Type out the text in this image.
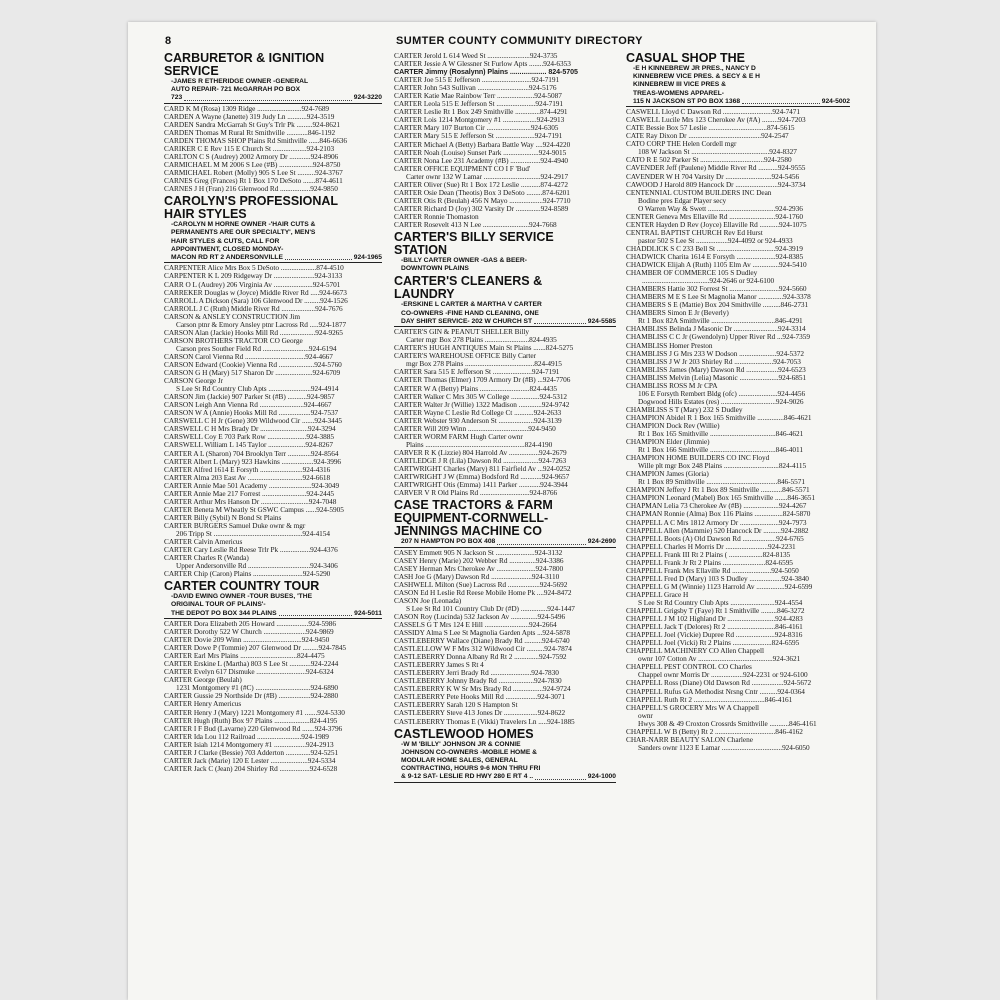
8	SUMTER COUNTY COMMUNITY DIRECTORY
CARBURETOR & IGNITION
SERVICE
-JAMES R ETHERIDGE OWNER -GENERAL
AUTO REPAIR- 721 McGARRAH PO BOX
723	924-3220
CARD K M (Rosa) 1309 Ridge .........................924-7689
CARDEN A Wayne (Janette) 319 Judy Ln ...........924-3519
CARDEN Sandra McGarrah St Guy's Trlr Pk .........924-8621
CARDEN Thomas M Rural Rt Smithville ............846-1192
CARDEN THOMAS SHOP Plains Rd Smithville ......846-6636
CARIKER C E Rev 115 E Church St ...................924-2103
CARLTON C S (Audrey) 2002 Armory Dr ............924-8906
CARMICHAEL M M 2006 S Lee (#B) ...................924-8750
CARMICHAEL Robert (Molly) 905 S Lee St ..........924-3767
CARNES Greg (Frances) Rt 1 Box 170 DeSoto .......874-4611
CARNES J H (Fran) 216 Glenwood Rd .................924-9850
CAROLYN'S PROFESSIONAL
HAIR STYLES
-CAROLYN M HORNE OWNER -'HAIR CUTS &
PERMANENTS ARE OUR SPECIALTY', MEN'S
HAIR STYLES & CUTS, CALL FOR
APPOINTMENT, CLOSED MONDAY-
MACON RD RT 2 ANDERSONVILLE	924-1965
CARPENTER Alice Mrs Box 5 DeSoto ....................874-4510
CARPENTER K L 209 Ridgeway Dr .......................924-3133
CARR O L (Audrey) 206 Virginia Av ......................924-5701
CARREKER Douglas w (Joyce) Middle River Rd .....924-6673
CARROLL A Dickson (Sara) 106 Glenwood Dr .........924-1526
CARROLL J C (Ruth) Middle River Rd ...................924-7676
CARSON & ANSLEY CONSTRUCTION Jim
Carson ptnr & Emory Ansley ptnr Lacross Rd .....924-1877
CARSON Alan (Jackie) Hooks Mill Rd ....................924-9265
CARSON BROTHERS TRACTOR CO George
Carson pres Souther Field Rd ..........................924-6194
CARSON Carol Vienna Rd ..................................924-4667
CARSON Edward (Cookie) Vienna Rd ....................924-5760
CARSON G H (Mary) 517 Sharon Dr .....................924-6709
CARSON George Jr
S Lee St Rd Country Club Apts ........................924-4914
CARSON Jim (Jackie) 907 Parker St (#B) ...........924-9857
CARSON Leigh Ann Vienna Rd .........................924-4667
CARSON W A (Annie) Hooks Mill Rd ..................924-7537
CARSWELL C H Jr (Gene) 309 Wildwood Cir .......924-3445
CARSWELL C H Mrs Brady Dr ...........................924-3294
CARSWELL Coy E 703 Park Row ......................924-3885
CARSWELL William L 145 Taylor .....................924-8267
CARTER A L (Sharon) 704 Brooklyn Terr .............924-8564
CARTER Albert L (Mary) 923 Hawkins ..................924-3996
CARTER Alfred 1614 E Forsyth ........................924-4316
CARTER Alma 203 East Av ...............................924-6618
CARTER Annie Mae 501 Academy ........................924-3049
CARTER Annie Mae 217 Forrest .........................924-2445
CARTER Arthur Mrs Hanson Dr ...........................924-7048
CARTER Beneta M Wheatly St GSWC Campus ......924-5905
CARTER Billy (Sybil) N Bond St Plains
CARTER BURGERS Samuel Duke ownr & mgr
206 Tripp St ..................................................924-4154
CARTER Calvin Americus
CARTER Cary Leslie Rd Reese Trlr Pk .................924-4376
CARTER Charles R (Wanda)
Upper Andersonville Rd ...................................924-3406
CARTER Chip (Caron) Plains ............................924-5290
CARTER COUNTRY TOUR
-DAVID EWING OWNER -TOUR BUSES, 'THE
ORIGINAL TOUR OF PLAINS'-
THE DEPOT PO BOX 344 PLAINS	924-5011
CARTER Dora Elizabeth 205 Howard ..................924-5986
CARTER Dorothy 522 W Church ........................924-9869
CARTER Dovie 209 Winn .................................924-9450
CARTER Dowe P (Tommie) 207 Glenwood Dr .........924-7845
CARTER Earl Mrs Plains ................................824-4475
CARTER Erskine L (Martha) 803 S Lee St ............924-2244
CARTER Evelyn 617 Dismuke ............................924-6324
CARTER George (Beulah)
1231 Montgomery #1 (#C) ...............................924-6890
CARTER Gussie 29 Northside Dr (#B) ..................924-2880
CARTER Henry Americus
CARTER Henry J (Mary) 1221 Montgomery #1 .......924-5330
CARTER Hugh (Ruth) Box 97 Plains ....................824-4195
CARTER I F Bud (Lavarne) 220 Glenwood Rd .......924-3796
CARTER Ida Lou 112 Railroad .........................924-1989
CARTER Isiah 1214 Montgomery #1 ..................924-2913
CARTER J Clarke (Bessie) 703 Adderton ..............924-5251
CARTER Jack (Marie) 120 E Lester .....................924-5334
CARTER Jack C (Jean) 204 Shirley Rd .................924-6528
CARTER Jerold L 614 Weed St ........................924-3735
CARTER Jessie A W Glessner St Furlow Apts ........924-6353
CARTER Jimmy (Rosalynn) Plains ................... 824-5705
CARTER Joe 515 E Jefferson ............................924-7191
CARTER John 543 Sullivan .............................924-5176
CARTER Katie Mae Rainbow Terr .....................924-5087
CARTER Leola 515 E Jefferson St ......................924-7191
CARTER Leslie Rt 1 Box 249 Smithville ..............874-4291
CARTER Lois 1214 Montgomery #1 ...................924-2913
CARTER Mary 107 Burton Cir .........................924-6305
CARTER Mary 515 E Jefferson St ......................924-7191
CARTER Michael A (Betty) Barbara Battle Way ....924-4220
CARTER Noah (Louise) Sunset Park ....................924-9015
CARTER Nona Lee 231 Academy (#B) .................924-4940
CARTER OFFICE EQUIPMENT CO I F 'Bud'
Carter ownr 132 W Lamar ................................924-2917
CARTER Oliver (Sue) Rt 1 Box 172 Leslie ...........874-4272
CARTER Osie Dean (Theotis) Box 3 DeSoto .........874-6201
CARTER Otis R (Beulah) 456 N Mayo ...................924-7710
CARTER Richard D (Joy) 302 Varsity Dr ..............924-8589
CARTER Ronnie Thomaston
CARTER Rosevelt 413 N Lee ..........................924-7668
CARTER'S BILLY SERVICE
STATION
-BILLY CARTER OWNER -GAS & BEER-
DOWNTOWN PLAINS
CARTER'S CLEANERS &
LAUNDRY
-ERSKINE L CARTER & MARTHA V CARTER
CO-OWNERS -FINE HAND CLEANING, ONE
DAY SHIRT SERVICE- 202 W CHURCH ST	924-5585
CARTER'S GIN & PEANUT SHELLER Billy
Carter mgr Box 278 Plains .........................824-4935
CARTER'S HUGH ANTIQUES Main St Plains .......824-5275
CARTER'S WAREHOUSE OFFICE Billy Carter
mgr Box 278 Plains .......................................824-4915
CARTER Sara 515 E Jefferson St ......................924-7191
CARTER Thomas (Elmer) 1709 Armory Dr (#B) ...924-7706
CARTER W A (Betty) Plains ............................824-4435
CARTER Walker C Mrs 305 W College ................924-5312
CARTER Walter Jr (Willie) 1322 Madison .............924-9742
CARTER Wayne C Leslie Rd College Ct ...........924-2633
CARTER Webster 930 Anderson St ....................924-3139
CARTER Will 209 Winn ..................................924-9450
CARTER WORM FARM Hugh Carter ownr
Plains ........................................................824-4190
CARVER R K (Lizzie) 804 Harrold Av .................924-2679
CARTLEDGE J R (Lila) Dawson Rd ....................924-7263
CARTWRIGHT Charles (Mary) 811 Fairfield Av ...924-0252
CARTWRIGHT J W (Emma) Bodsford Rd ............924-9657
CARTWRIGHT Otis (Emma) 1411 Parker ............924-3944
CARVER V R Old Plains Rd ............................924-8766
CASE TRACTORS & FARM
EQUIPMENT-CORNWELL-
JENNINGS MACHINE CO
207 N HAMPTON PO BOX 408	924-2690
CASEY Emmett 905 N Jackson St ......................924-3132
CASEY Henry (Marie) 202 Webber Rd ...............924-3386
CASEY Herman Mrs Cherokee Av ......................924-7800
CASH Joe G (Mary) Dawson Rd .......................924-3110
CASHWELL Milton (Sue) Lacross Rd ..................924-5692
CASON Ed H Leslie Rd Reese Mobile Home Pk ....924-8472
CASON Joe (Leonada)
S Lee St Rd 101 Country Club Dr (#D) ...............924-1447
CASON Roy (Lucinda) 532 Jackson Av ...............924-5496
CASSELS G T Mrs 124 E Hill .........................924-2664
CASSIDY Alma S Lee St Magnolia Garden Apts ...924-5878
CASTLEBERRY Wallace (Diane) Brady Rd ..........924-6740
CASTLELLOW W F Mrs 312 Wildwood Cir ..........924-7874
CASTLEBERRY Donna Albany Rd Rt 2 ..............924-7592
CASTLEBERRY James S Rt 4
CASTLEBERRY Jerri Brady Rd .......................924-7830
CASTLEBERRY Johnny Brady Rd ....................924-7830
CASTLEBERRY K W Sr Mrs Brady Rd .................924-9724
CASTLEBERRY Pete Hooks Mill Rd ..................924-3071
CASTLEBERRY Sarah 120 S Hampton St
CASTLEBERRY Steve 413 Jones Dr ...................924-8622
CASTLEBERRY Thomas E (Vikki) Travelers Ln .....924-1885
CASTLEWOOD HOMES
-W M 'BILLY' JOHNSON JR & CONNIE
JOHNSON CO-OWNERS -MOBILE HOME &
MODULAR HOME SALES, GENERAL
CONTRACTING, HOURS 9-6 MON THRU FRI
& 9-12 SAT- LESLIE RD HWY 280 E RT 4 ..	924-1000
CASUAL SHOP THE
-E H KINNEBREW JR PRES., NANCY D
KINNEBREW VICE PRES. & SECY & E H
KINNEBREW III VICE PRES &
TREAS-WOMENS APPAREL-
115 N JACKSON ST PO BOX 1368	924-5002
CASWELL Lloyd C Dawson Rd ............................924-7471
CASWELL Lucile Mrs 123 Cherokee Av (#A) .........924-7203
CATE Bessie Box 57 Leslie .................................874-5615
CATE Ray Dixon Dr .........................................924-2547
CATO CORP THE Helen Cordell mgr
108 W Jackson St ............................................924-8327
CATO R E 502 Parker St ....................................924-2580
CAVENDER Jeff (Paulene) Middle River Rd ...........924-9555
CAVENDER W H 704 Varsity Dr ..........................924-5456
CAWOOD J Harold 809 Hancock Dr ........................924-3734
CENTENNIAL CUSTOM BUILDERS INC Dean
Bodine pres Edgar Player secy
O Warren Way & Swett ......................................924-2936
CENTER Geneva Mrs Ellaville Rd ..........................924-1760
CENTER Hayden D Rev (Joyce) Ellaville Rd ...........924-1075
CENTRAL BAPTIST CHURCH Rev Ed Hurst
pastor 502 S Lee St ..................924-4092 or 924-4933
CHADDLICK S C 233 Bell St .................................924-3919
CHADWICK Charita 1614 E Forsyth ......................924-8385
CHADWICK Elijah A (Ruth) 1105 Elm Av ...............924-5410
CHAMBER OF COMMERCE 105 S Dudley
......................................924-2646 or 924-6100
CHAMBERS Hattie 302 Forrest St ............................924-5660
CHAMBERS M E S Lee St Magnolia Manor ..............924-3378
CHAMBERS S E (Mattie) Box 204 Smithville ..........846-2731
CHAMBERS Simon E Jr (Beverly)
Rt 1 Box 82A Smithville ....................................846-4291
CHAMBLISS Belinda J Masonic Dr .........................924-3314
CHAMBLISS C C Jr (Gwendolyn) Upper River Rd ...924-7359
CHAMBLISS Homer Preston
CHAMBLISS J G Mrs 233 W Dodson .....................924-5372
CHAMBLISS J W Jr 203 Shirley Rd ......................924-7053
CHAMBLISS James (Mary) Dawson Rd ..................924-6523
CHAMBLISS Melvin (Lelia) Masonic ......................924-6851
CHAMBLISS ROSS M Jr CPA
106 E Forsyth Rembert Bldg (ofc) ......................924-4456
Dogwood Hills Estates (res) ...............................924-9026
CHAMBLISS S T (Mary) 232 S Dudley
CHAMPION Abidel R 1 Box 165 Smithville ...............846-4621
CHAMPION Dock Rev (Willie)
Rt 1 Box 165 Smithville .....................................846-4621
CHAMPION Elder (Jimmie)
Rt 1 Box 166 Smithville .....................................846-4011
CHAMPION HOME BUILDERS CO INC Floyd
Wille plt mgr Box 248 Plains ...............................824-4115
CHAMPION James (Gloria)
Rt 1 Box 89 Smithville ........................................846-5571
CHAMPION Jeffery J Rt 1 Box 89 Smithville ............846-5571
CHAMPION Leonard (Mabel) Box 165 Smithville .......846-3651
CHAPMAN Lelia 73 Cherokee Av (#B) ....................924-4267
CHAPMAN Ronnie (Alma) Box 116 Plains ................824-5870
CHAPPELL A C Mrs 1812 Armory Dr ......................924-7973
CHAPPELL Allen (Mammie) 520 Hancock Dr ..........924-2882
CHAPPELL Boots (A) Old Dawson Rd ...................924-6765
CHAPPELL Charles H Morris Dr ........................924-2231
CHAPPELL Frank III Rt 2 Plains ( ...................824-8135
CHAPPELL Frank Jr Rt 2 Plains ........................824-6595
CHAPPELL Frank Mrs Ellaville Rd ......................924-5050
CHAPPELL Fred D (Mary) 103 S Dudley ..................924-3840
CHAPPELL G M (Winnie) 1123 Harrold Av ................924-6599
CHAPPELL Grace H
S Lee St Rd Country Club Apts .........................924-4554
CHAPPELL Grigsby T (Faye) Rt 1 Smithville .........846-3272
CHAPPELL J M 102 Highland Dr ...........................924-4283
CHAPPELL Jack T (Delores) Rt 2 ...........................846-4161
CHAPPELL Joel (Vickie) Dupree Rd ......................924-8316
CHAPPELL Joel (Vicki) Rt 2 Plains ......................824-6595
CHAPPELL MACHINERY CO Allen Chappell
ownr 107 Cotton Av ..........................................924-3621
CHAPPELL PEST CONTROL CO Charles
Chappel ownr Morris Dr ..................924-2231 or 924-6100
CHAPPELL Ross (Diane) Old Dawson Rd ..................924-5672
CHAPPELL Rufus GA Methodist Nrsng Cntr ..........924-0364
CHAPPELL Ruth Rt 2 ........................................846-4161
CHAPPELL'S GROCERY Mrs W A Chappell
ownr
Hwys 308 & 49 Croxton Crossrds Smithville ...........846-4161
CHAPPELL W B (Betty) Rt 2 ..................................846-4162
CHAR-NARR BEAUTY SALON Charlene
Sanders ownr 1123 E Lamar ..................................924-6050
